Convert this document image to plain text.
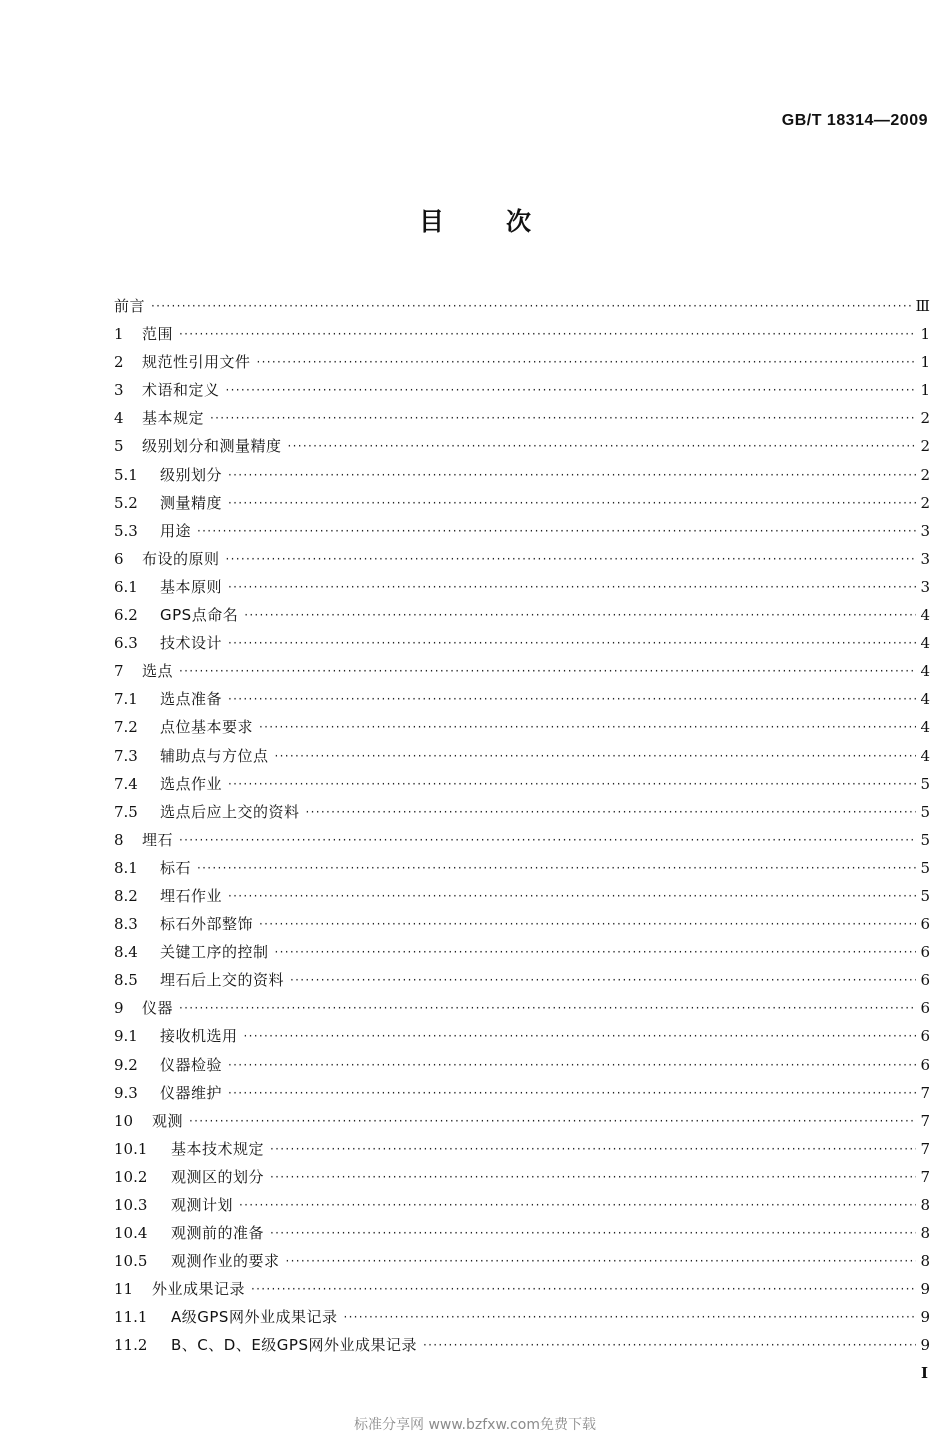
GB/T 18314—2009
目 次
前言 ·····	Ⅲ
1	范围 ·····	1
2	规范性引用文件 ·····	1
3	术语和定义 ·····	1
4	基本规定 ·····	2
5	级别划分和测量精度 ·····	2
5.1	级别划分 ·····	2
5.2	测量精度 ·····	2
5.3	用途 ·····	3
6	布设的原则 ·····	3
6.1	基本原则 ·····	3
6.2	GPS点命名 ·····	4
6.3	技术设计 ·····	4
7	选点 ·····	4
7.1	选点准备 ·····	4
7.2	点位基本要求 ·····	4
7.3	辅助点与方位点 ·····	4
7.4	选点作业 ·····	5
7.5	选点后应上交的资料 ·····	5
8	埋石 ·····	5
8.1	标石 ·····	5
8.2	埋石作业 ·····	5
8.3	标石外部整饰 ·····	6
8.4	关键工序的控制 ·····	6
8.5	埋石后上交的资料 ·····	6
9	仪器 ·····	6
9.1	接收机选用 ·····	6
9.2	仪器检验 ·····	6
9.3	仪器维护 ·····	7
10	观测 ·····	7
10.1	基本技术规定 ·····	7
10.2	观测区的划分 ·····	7
10.3	观测计划 ·····	8
10.4	观测前的准备 ·····	8
10.5	观测作业的要求 ·····	8
11	外业成果记录 ·····	9
11.1	A级GPS网外业成果记录 ·····	9
11.2	B、C、D、E级GPS网外业成果记录 ·····	9
I
标准分享网 www.bzfxw.com免费下载
